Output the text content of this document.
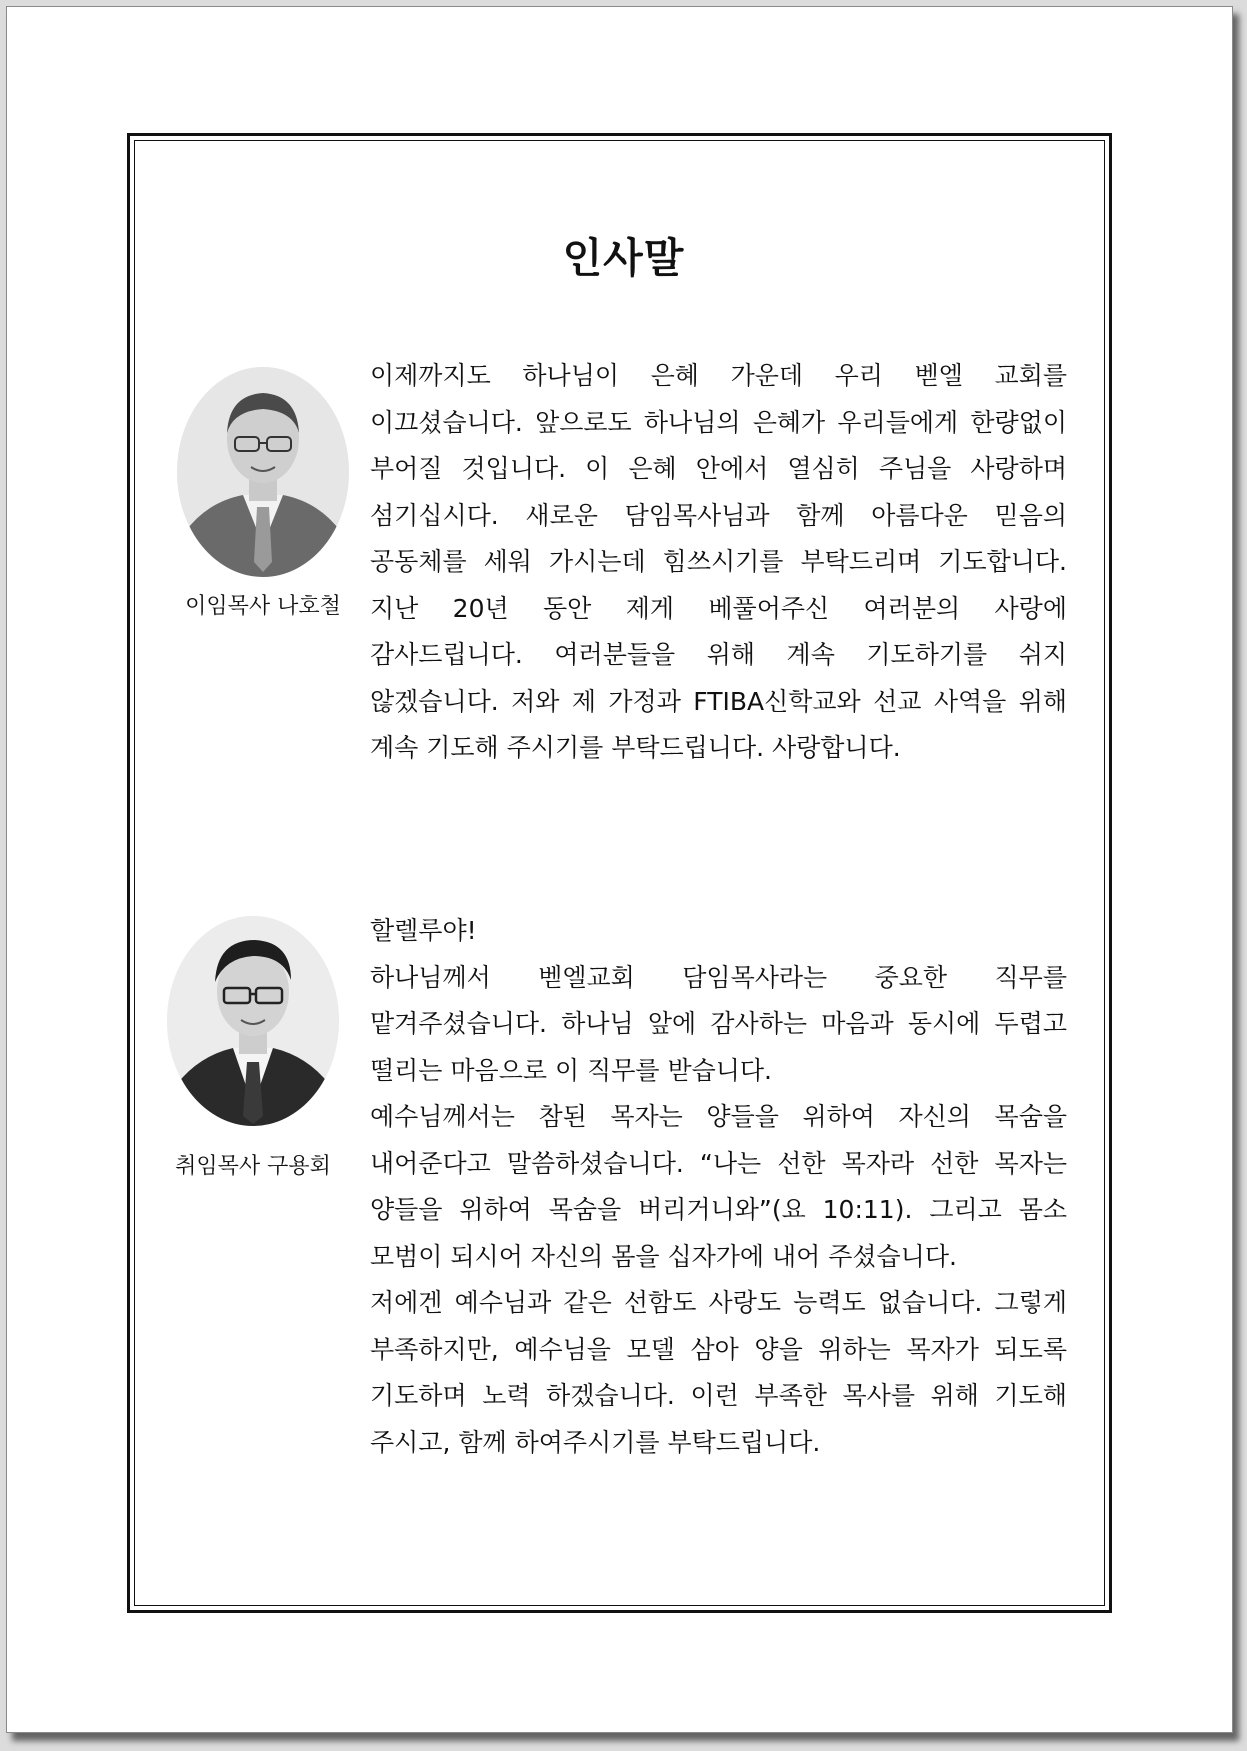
인사말
이임목사 나호철

이제까지도 하나님이 은혜 가운데 우리 벧엘 교회를 이끄셨습니다. 앞으로도 하나님의 은혜가 우리들에게 한량없이 부어질 것입니다. 이 은혜 안에서 열심히 주님을 사랑하며 섬기십시다. 새로운 담임목사님과 함께 아름다운 믿음의 공동체를 세워 가시는데 힘쓰시기를 부탁드리며 기도합니다. 지난 20년 동안 제게 베풀어주신 여러분의 사랑에 감사드립니다. 여러분들을 위해 계속 기도하기를 쉬지 않겠습니다. 저와 제 가정과 FTIBA신학교와 선교 사역을 위해 계속 기도해 주시기를 부탁드립니다. 사랑합니다.

취임목사 구용회

할렐루야!

하나님께서 벧엘교회 담임목사라는 중요한 직무를 맡겨주셨습니다. 하나님 앞에 감사하는 마음과 동시에 두렵고 떨리는 마음으로 이 직무를 받습니다.

예수님께서는 참된 목자는 양들을 위하여 자신의 목숨을 내어준다고 말씀하셨습니다. “나는 선한 목자라 선한 목자는 양들을 위하여 목숨을 버리거니와”(요 10:11). 그리고 몸소 모범이 되시어 자신의 몸을 십자가에 내어 주셨습니다.

저에겐 예수님과 같은 선함도 사랑도 능력도 없습니다. 그렇게 부족하지만, 예수님을 모델 삼아 양을 위하는 목자가 되도록 기도하며 노력 하겠습니다. 이런 부족한 목사를 위해 기도해 주시고, 함께 하여주시기를 부탁드립니다.
